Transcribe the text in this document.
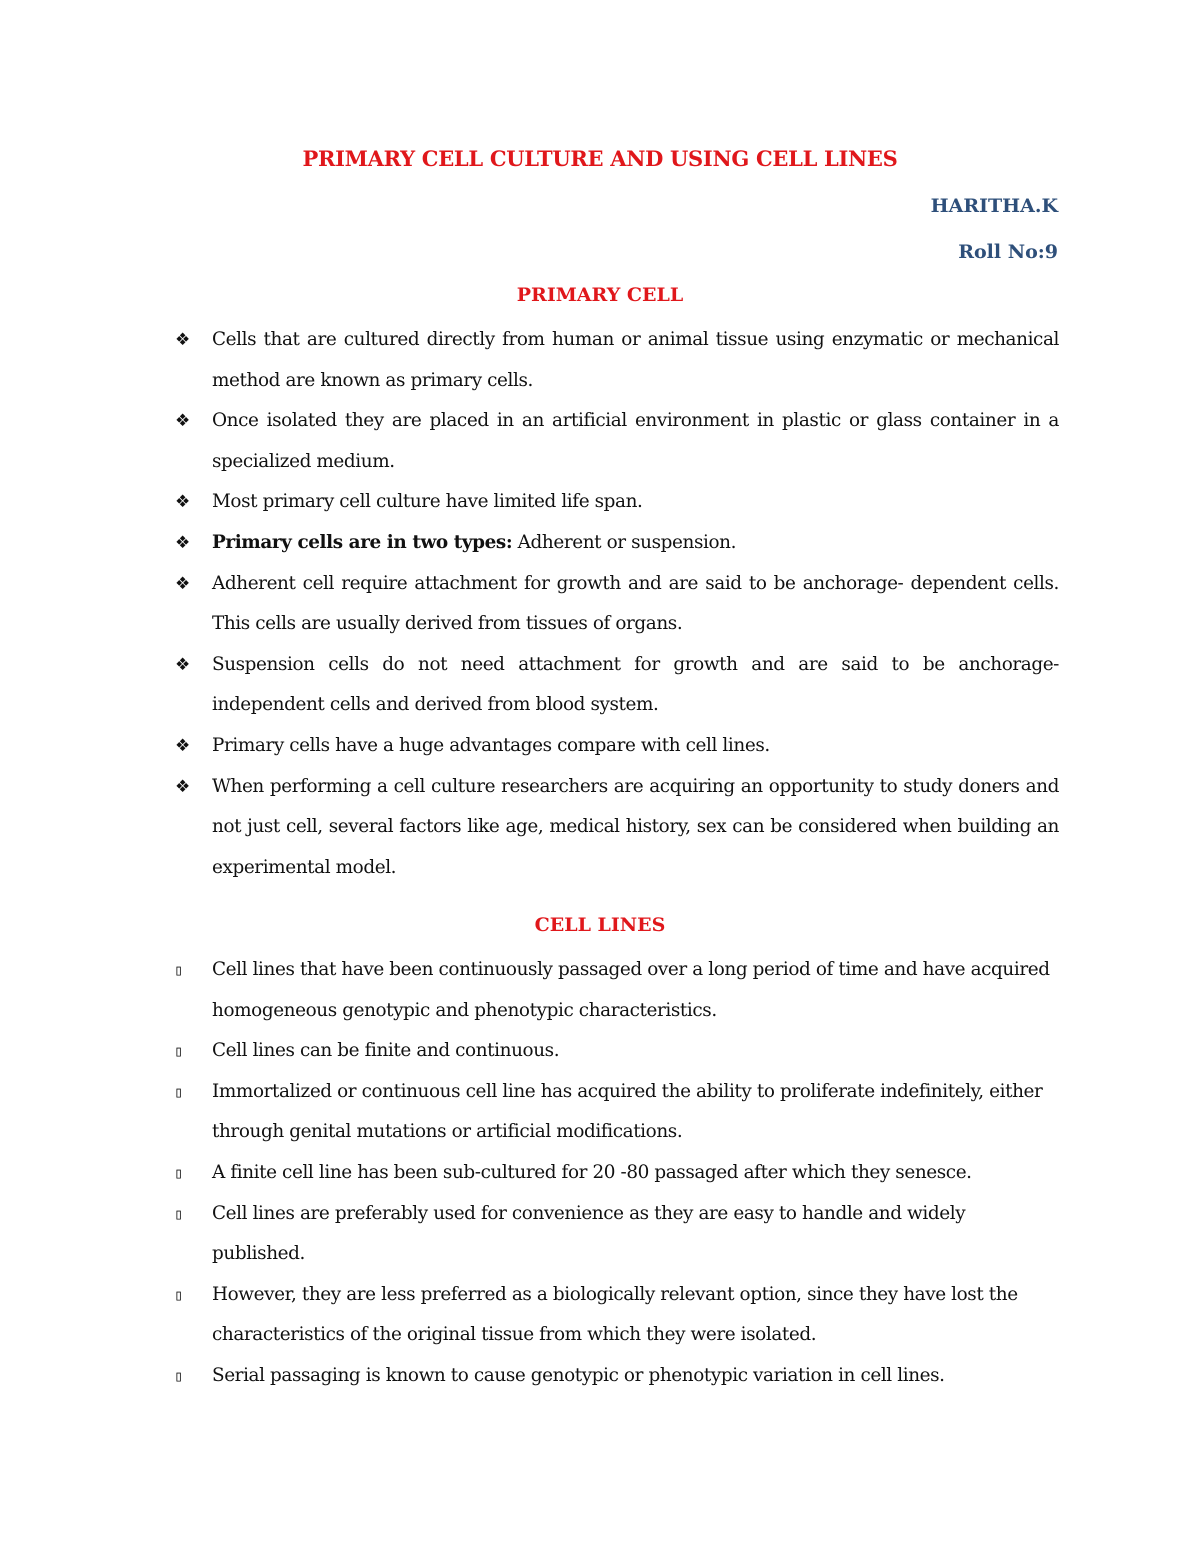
PRIMARY CELL CULTURE AND USING CELL LINES
HARITHA.K
Roll No:9
PRIMARY CELL
❖ Cells that are cultured directly from human or animal tissue using enzymatic or mechanical method are known as primary cells.
❖ Once isolated they are placed in an artificial environment in plastic or glass container in a specialized medium.
❖ Most primary cell culture have limited life span.
❖ Primary cells are in two types: Adherent or suspension.
❖ Adherent cell require attachment for growth and are said to be anchorage- dependent cells. This cells are usually derived from tissues of organs.
❖ Suspension cells do not need attachment for growth and are said to be anchorage-independent cells and derived from blood system.
❖ Primary cells have a huge advantages compare with cell lines.
❖ When performing a cell culture researchers are acquiring an opportunity to study doners and not just cell, several factors like age, medical history, sex can be considered when building an experimental model.
CELL LINES
▯	Cell lines that have been continuously passaged over a long period of time and have acquired homogeneous genotypic and phenotypic characteristics.
▯	Cell lines can be finite and continuous.
▯	Immortalized or continuous cell line has acquired the ability to proliferate indefinitely, either through genital mutations or artificial modifications.
▯	A finite cell line has been sub-cultured for 20 -80 passaged after which they senesce.
▯	Cell lines are preferably used for convenience as they are easy to handle and widely published.
▯	However, they are less preferred as a biologically relevant option, since they have lost the characteristics of the original tissue from which they were isolated.
▯	Serial passaging is known to cause genotypic or phenotypic variation in cell lines.
